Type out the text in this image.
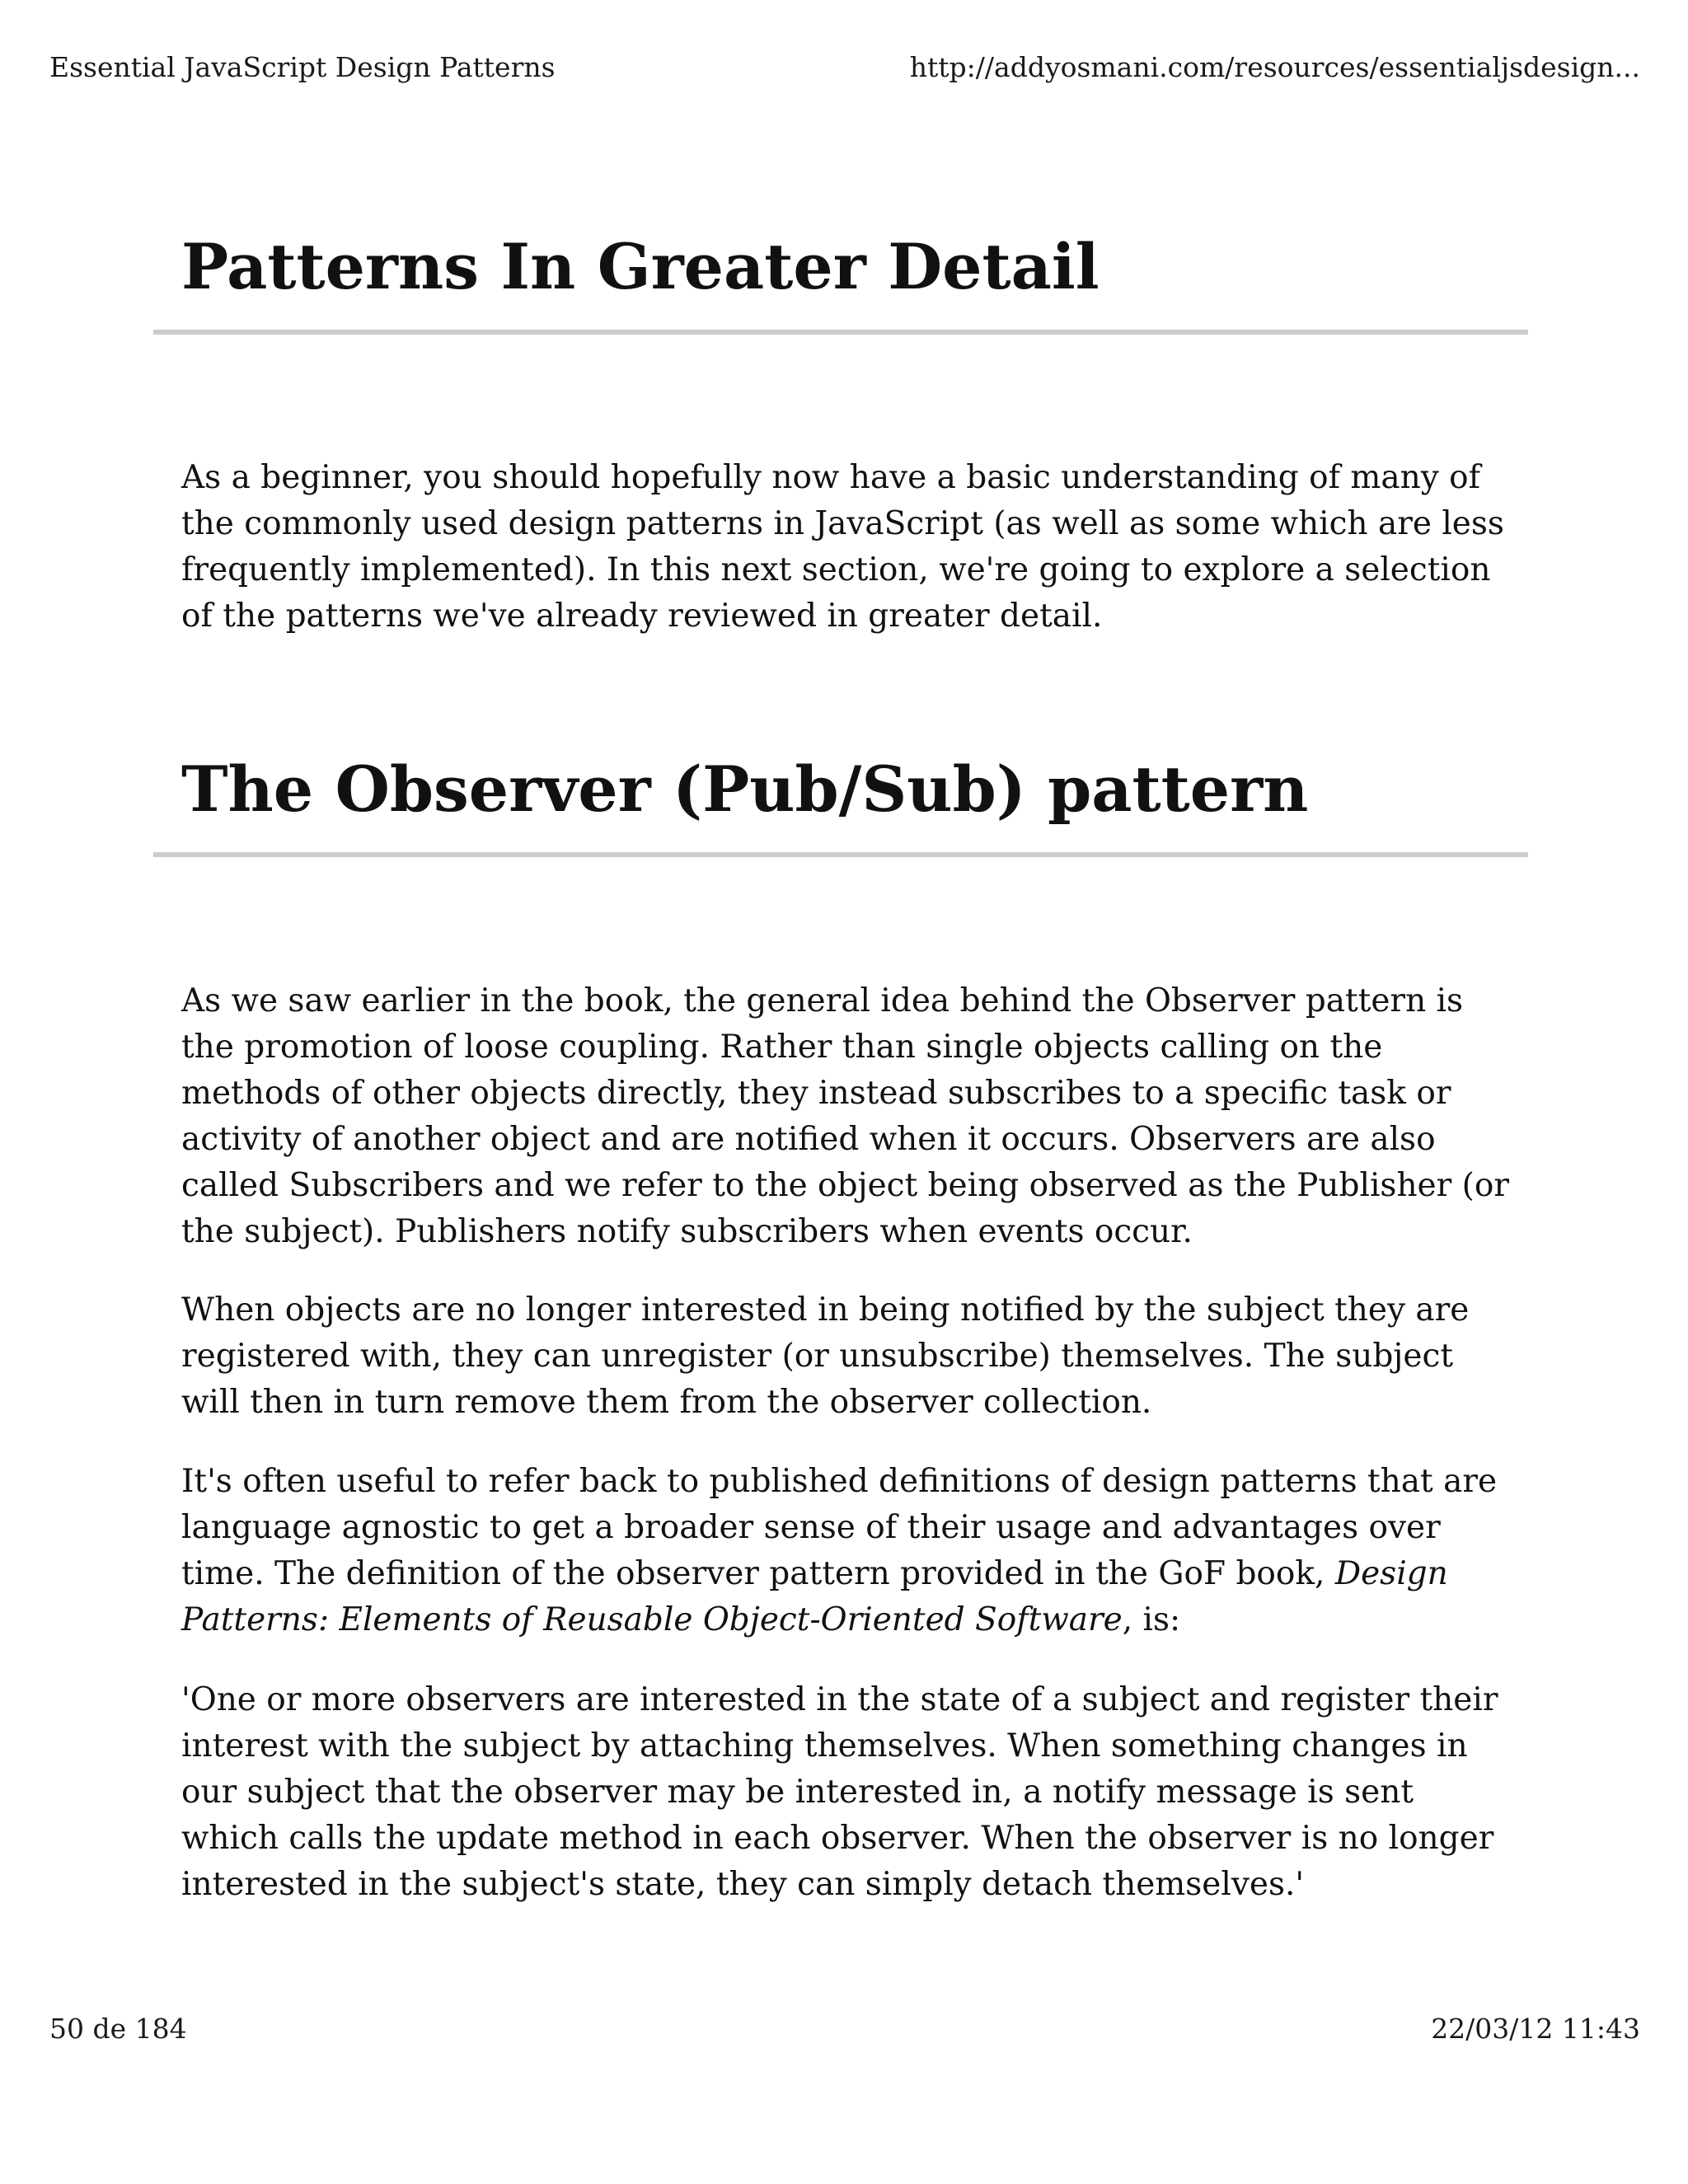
Essential JavaScript Design Patterns	http://addyosmani.com/resources/essentialjsdesign...
Patterns In Greater Detail

As a beginner, you should hopefully now have a basic understanding of many of the commonly used design patterns in JavaScript (as well as some which are less frequently implemented). In this next section, we're going to explore a selection of the patterns we've already reviewed in greater detail.

The Observer (Pub/Sub) pattern

As we saw earlier in the book, the general idea behind the Observer pattern is the promotion of loose coupling. Rather than single objects calling on the methods of other objects directly, they instead subscribes to a specific task or activity of another object and are notified when it occurs. Observers are also called Subscribers and we refer to the object being observed as the Publisher (or the subject). Publishers notify subscribers when events occur.

When objects are no longer interested in being notified by the subject they are registered with, they can unregister (or unsubscribe) themselves. The subject will then in turn remove them from the observer collection.

It's often useful to refer back to published definitions of design patterns that are language agnostic to get a broader sense of their usage and advantages over time. The definition of the observer pattern provided in the GoF book, Design Patterns: Elements of Reusable Object-Oriented Software, is:

'One or more observers are interested in the state of a subject and register their interest with the subject by attaching themselves. When something changes in our subject that the observer may be interested in, a notify message is sent which calls the update method in each observer. When the observer is no longer interested in the subject's state, they can simply detach themselves.'

50 de 184	22/03/12 11:43
